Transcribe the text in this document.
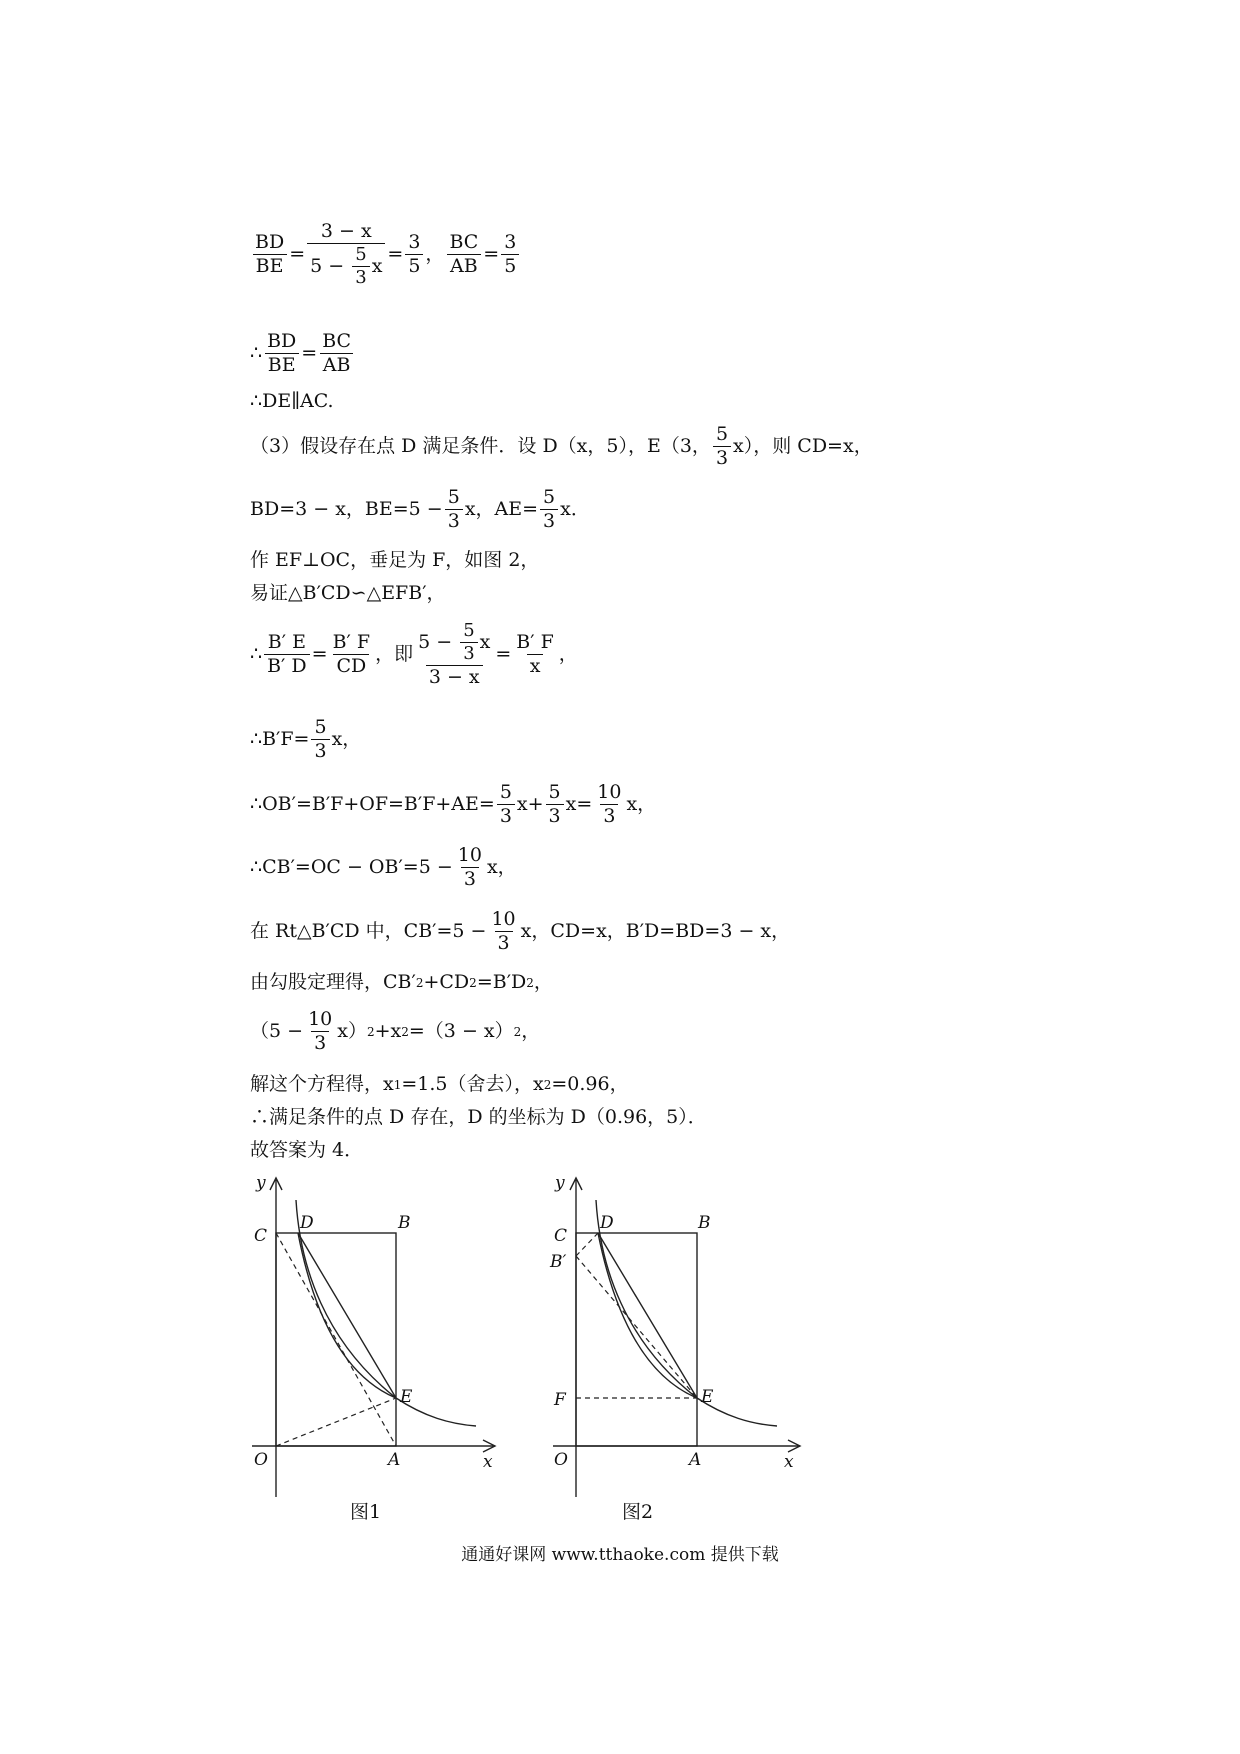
$\frac{BD}{BE} = 3 - x$
5 −
$\frac{5}{3}$ $x = \frac{3}{5}$ ， $\frac{BC}{AB} = \frac{3}{5}$
∴ $\frac{BD}{BE} = \frac{BC}{AB}$
∴DE∥AC.
（3）假设存在点 D 满足条件．设 D（x，5），E（3， $\frac{5}{3} x$），则 CD=x，
BD=3 − x，$BE=5 - \frac{5}{3}$ x，$AE= \frac{5}{3}$ x．
作 EF⊥OC，垂足为 F，如图 2，
易证△B′CD∽△EFB′，
∴ $\frac{B' E}{B' D} = \frac{B' F}{CD}$ ，即 5 −
$\frac{5}{3}$ x
$3 - x = \frac{B' F}{x}$ ，
∴B′F= $\frac{5}{3}$ x，
∴OB′=B′F+OF=B′F+AE= $\frac{5}{3} x+ \frac{5}{3} x= \frac{10}{3}$ x，
∴CB′=OC − $OB'=5 - \frac{10}{3}$ x，
在 Rt△B′CD 中，$CB'=5 - \frac{10}{3}$ x，CD=x，B′D=BD=3 − x，
由勾股定理得，CB′ 2 +CD 2 =B′D 2 ，
$(5 - \frac{10}{3} x)$ 2 +x 2 =（3 − x） 2 ，
解这个方程得，x 1 =1.5（舍去），x 2 =0.96，
∴满足条件的点 D 存在，D 的坐标为 D（0.96，5）．
故答案为 4．
C
D	B
E
O	A	x
y
图1
C
B′
D	B
E
F
O	A	x
y
图2
通通好课网 www.tthaoke.com 提供下载
